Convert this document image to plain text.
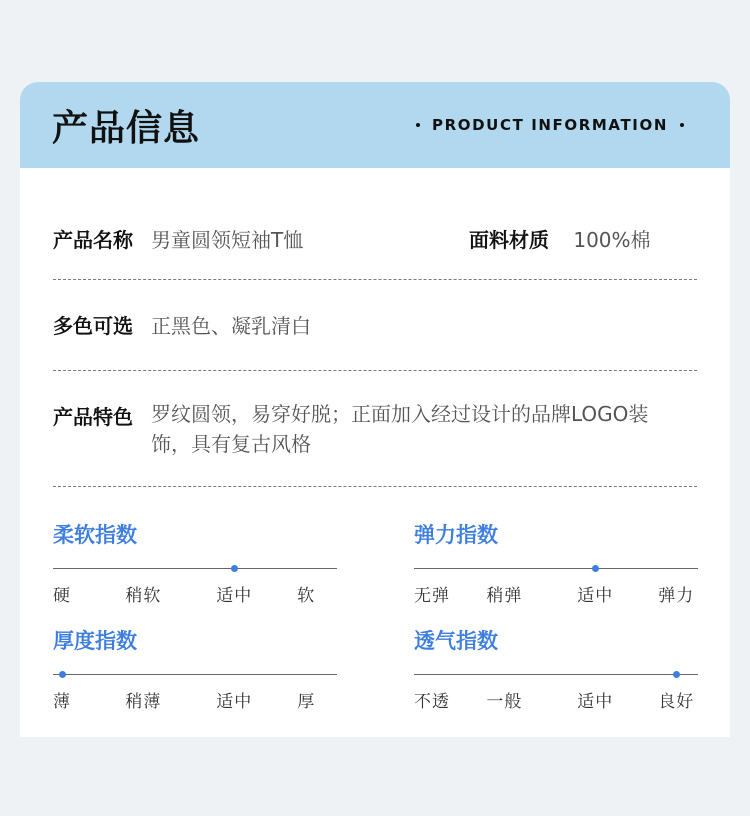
产品信息	PRODUCT INFORMATION
产品名称 男童圆领短袖T恤	面料材质 100%棉
多色可选 正黑色、凝乳清白
产品特色 罗纹圆领，易穿好脱；正面加入经过设计的品牌LOGO装饰，具有复古风格
柔软指数
硬	稍软	适中	软
弹力指数
无弹 稍弹	适中	弹力
厚度指数
薄	稍薄	适中	厚
透气指数
不透 一般	适中	良好
